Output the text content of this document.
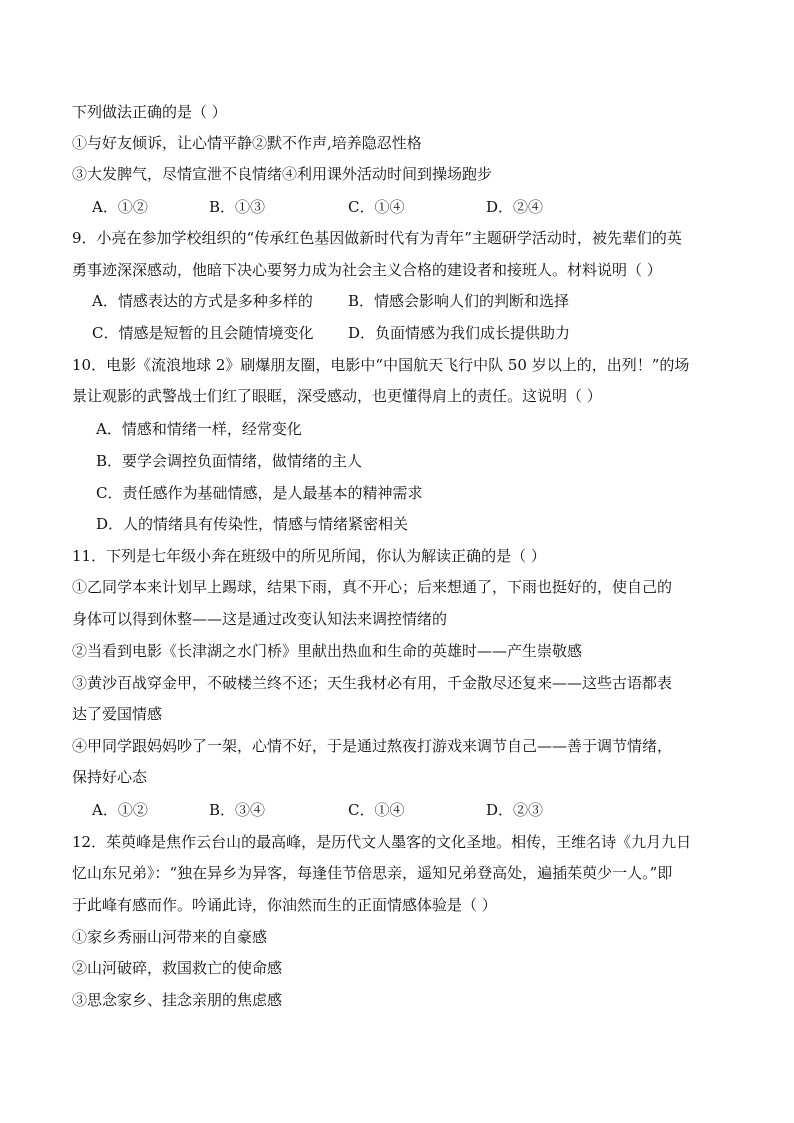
下列做法正确的是（ ）
①与好友倾诉，让心情平静②默不作声,培养隐忍性格
③大发脾气，尽情宣泄不良情绪④利用课外活动时间到操场跑步
A．①②	B．①③	C．①④	D．②④
9．小亮在参加学校组织的“传承红色基因做新时代有为青年”主题研学活动时，被先辈们的英
勇事迹深深感动，他暗下决心要努力成为社会主义合格的建设者和接班人。材料说明（ ）
A．情感表达的方式是多种多样的 B．情感会影响人们的判断和选择
C．情感是短暂的且会随情境变化 D．负面情感为我们成长提供助力
10．电影《流浪地球 2》刷爆朋友圈，电影中“中国航天飞行中队 50 岁以上的，出列！”的场
景让观影的武警战士们红了眼眶，深受感动，也更懂得肩上的责任。这说明（ ）
A．情感和情绪一样，经常变化
B．要学会调控负面情绪，做情绪的主人
C．责任感作为基础情感，是人最基本的精神需求
D．人的情绪具有传染性，情感与情绪紧密相关
11．下列是七年级小奔在班级中的所见所闻，你认为解读正确的是（ ）
①乙同学本来计划早上踢球，结果下雨，真不开心；后来想通了，下雨也挺好的，使自己的
身体可以得到休整——这是通过改变认知法来调控情绪的
②当看到电影《长津湖之水门桥》里献出热血和生命的英雄时——产生崇敬感
③黄沙百战穿金甲，不破楼兰终不还；天生我材必有用，千金散尽还复来——这些古语都表
达了爱国情感
④甲同学跟妈妈吵了一架，心情不好，于是通过熬夜打游戏来调节自己——善于调节情绪，
保持好心态
A．①②	B．③④	C．①④	D．②③
12．茱萸峰是焦作云台山的最高峰，是历代文人墨客的文化圣地。相传，王维名诗《九月九日
忆山东兄弟》：“独在异乡为异客，每逢佳节倍思亲，遥知兄弟登高处，遍插茱萸少一人。”即
于此峰有感而作。吟诵此诗，你油然而生的正面情感体验是（ ）
①家乡秀丽山河带来的自豪感
②山河破碎，救国救亡的使命感
③思念家乡、挂念亲朋的焦虑感
